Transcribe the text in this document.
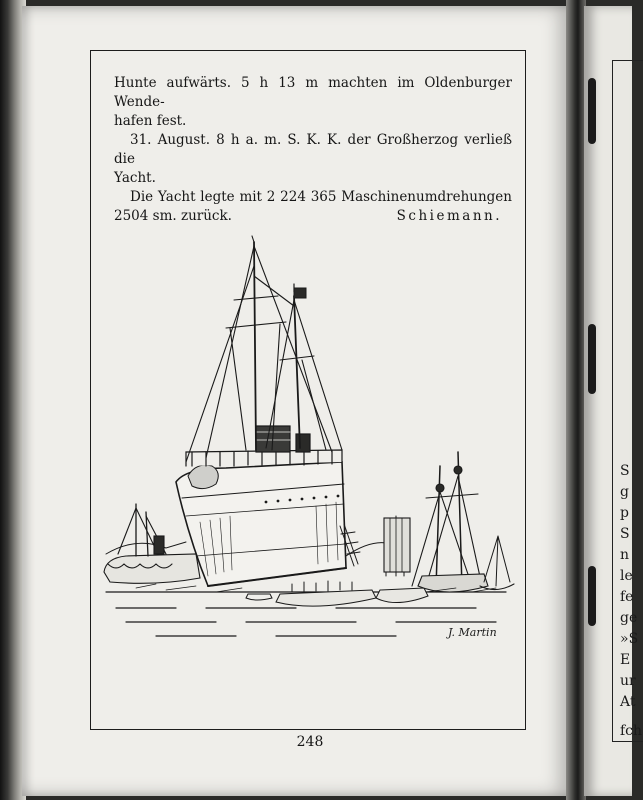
S
g
p
S
n
le
fe
ge
»S
E
ur
At
fch

Hunte aufwärts. 5 h 13 m machten im Oldenburger Wende-

hafen fest.

31. August. 8 h a. m. S. K. K. der Großherzog verließ die

Yacht.

Die Yacht legte mit 2 224 365 Maschinenumdrehungen

2504 sm. zurück.	Schiemann.

J. Martin
248
